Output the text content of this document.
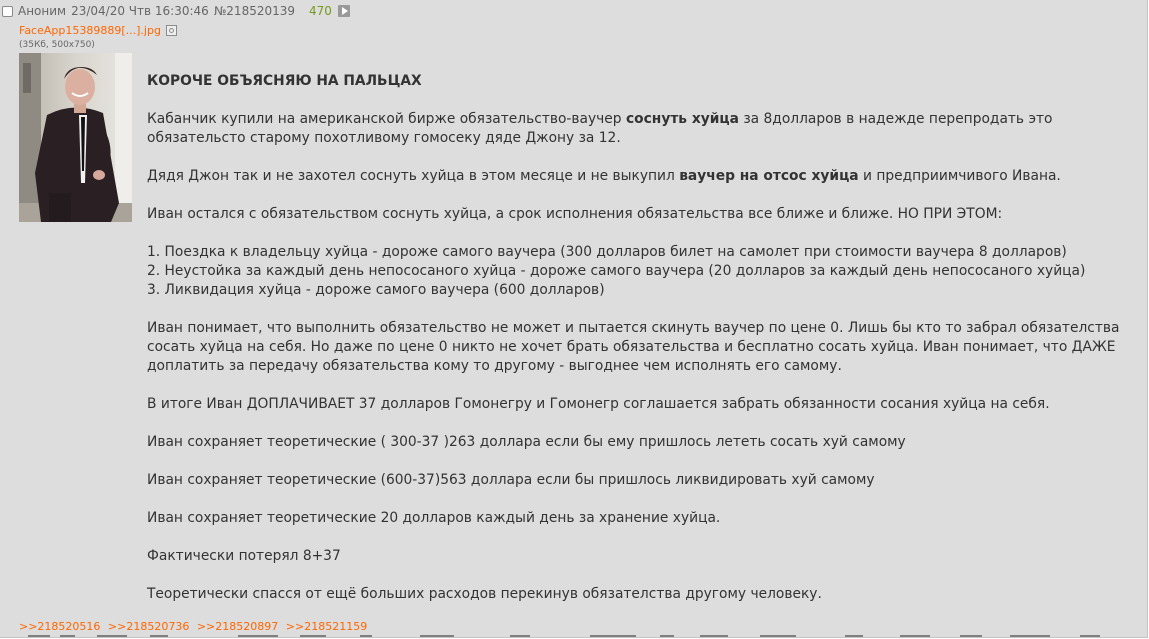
Аноним 23/04/20 Чтв 16:30:46 №218520139 470
FaceApp15389889[...].jpg
(35Кб, 500x750)

КОРОЧЕ ОБЪЯСНЯЮ НА ПАЛЬЦАХ

Кабанчик купили на американской бирже обязательство-ваучер соснуть хуйца за 8долларов в надежде перепродать это обязательсто старому похотливому гомосеку дяде Джону за 12.

Дядя Джон так и не захотел соснуть хуйца в этом месяце и не выкупил ваучер на отсос хуйца и предприимчивого Ивана.

Иван остался с обязательством соснуть хуйца, а срок исполнения обязательства все ближе и ближе. НО ПРИ ЭТОМ:

1. Поездка к владельцу хуйца - дороже самого ваучера (300 долларов билет на самолет при стоимости ваучера 8 долларов)
2. Неустойка за каждый день непососаного хуйца - дороже самого ваучера (20 долларов за каждый день непососаного хуйца)
3. Ликвидация хуйца - дороже самого ваучера (600 долларов)

Иван понимает, что выполнить обязательство не может и пытается скинуть ваучер по цене 0. Лишь бы кто то забрал обязателства сосать хуйца на себя. Но даже по цене 0 никто не хочет брать обязательства и бесплатно сосать хуйца. Иван понимает, что ДАЖЕ доплатить за передачу обязательства кому то другому - выгоднее чем исполнять его самому.

В итоге Иван ДОПЛАЧИВАЕТ 37 долларов Гомонегру и Гомонегр соглашается забрать обязанности сосания хуйца на себя.

Иван сохраняет теоретические ( 300-37 )263 доллара если бы ему пришлось лететь сосать хуй самому

Иван сохраняет теоретические (600-37)563 доллара если бы пришлось ликвидировать хуй самому

Иван сохраняет теоретические 20 долларов каждый день за хранение хуйца.

Фактически потерял 8+37

Теоретически спасся от ещё больших расходов перекинув обязателства другому человеку.

>>218520516 >>218520736 >>218520897 >>218521159
